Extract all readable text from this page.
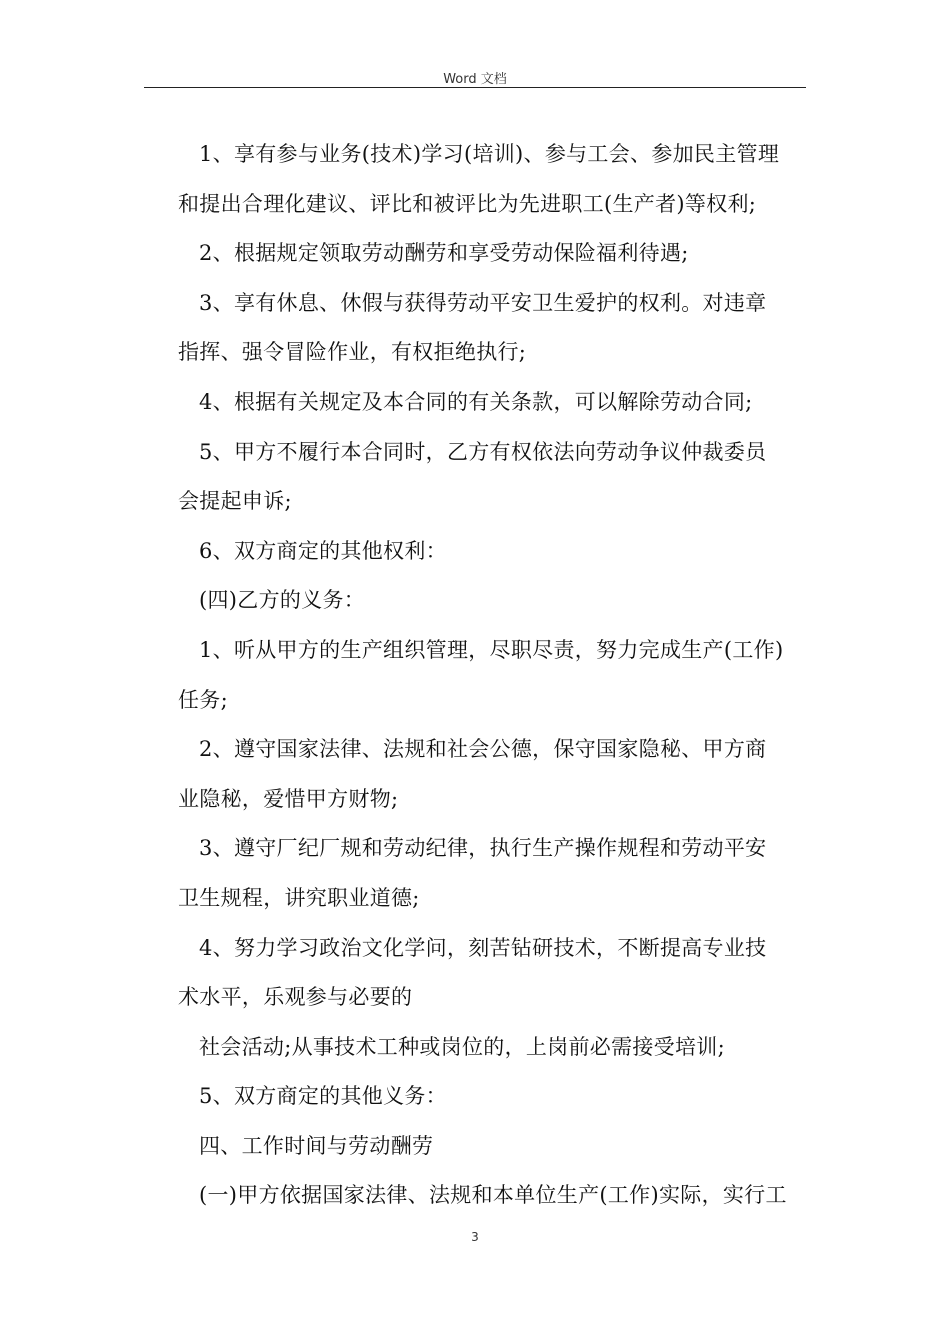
Word 文档
1、享有参与业务(技术)学习(培训)、参与工会、参加民主管理
和提出合理化建议、评比和被评比为先进职工(生产者)等权利;
2、根据规定领取劳动酬劳和享受劳动保险福利待遇;
3、享有休息、休假与获得劳动平安卫生爱护的权利。对违章
指挥、强令冒险作业，有权拒绝执行;
4、根据有关规定及本合同的有关条款，可以解除劳动合同;
5、甲方不履行本合同时，乙方有权依法向劳动争议仲裁委员
会提起申诉;
6、双方商定的其他权利：
(四)乙方的义务：
1、听从甲方的生产组织管理，尽职尽责，努力完成生产(工作)
任务;
2、遵守国家法律、法规和社会公德，保守国家隐秘、甲方商
业隐秘，爱惜甲方财物;
3、遵守厂纪厂规和劳动纪律，执行生产操作规程和劳动平安
卫生规程，讲究职业道德;
4、努力学习政治文化学问，刻苦钻研技术，不断提高专业技
术水平，乐观参与必要的
社会活动;从事技术工种或岗位的，上岗前必需接受培训;
5、双方商定的其他义务：
四、工作时间与劳动酬劳
(一)甲方依据国家法律、法规和本单位生产(工作)实际，实行工
3
